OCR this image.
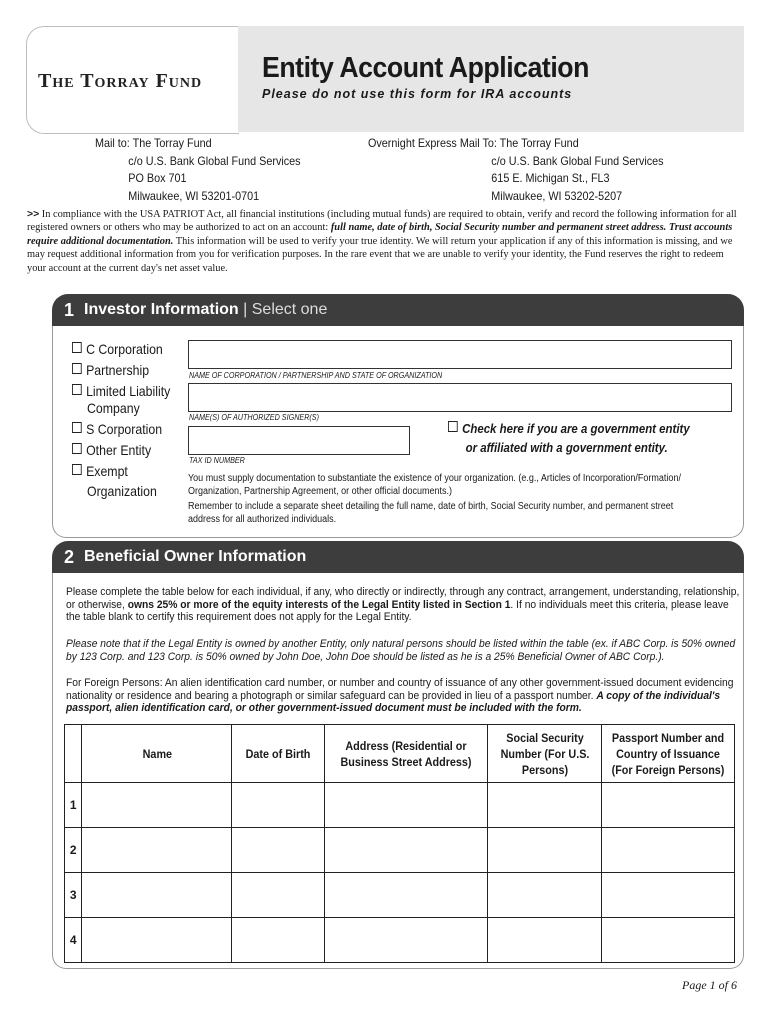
The Torray Fund Entity Account Application
Please do not use this form for IRA accounts
Mail to: The Torray Fund
c/o U.S. Bank Global Fund Services
PO Box 701
Milwaukee, WI 53201-0701
Overnight Express Mail To: The Torray Fund
c/o U.S. Bank Global Fund Services
615 E. Michigan St., FL3
Milwaukee, WI 53202-5207
>> In compliance with the USA PATRIOT Act, all financial institutions (including mutual funds) are required to obtain, verify and record the following information for all registered owners or others who may be authorized to act on an account: full name, date of birth, Social Security number and permanent street address. Trust accounts require additional documentation. This information will be used to verify your true identity. We will return your application if any of this information is missing, and we may request additional information from you for verification purposes. In the rare event that we are unable to verify your identity, the Fund reserves the right to redeem your account at the current day's net asset value.
1 Investor Information | Select one
C Corporation
Partnership
Limited Liability
Company
S Corporation
Other Entity
Exempt
Organization
NAME OF CORPORATION / PARTNERSHIP AND STATE OF ORGANIZATION
NAME(S) OF AUTHORIZED SIGNER(S)
TAX ID NUMBER
Check here if you are a government entity
or affiliated with a government entity.
You must supply documentation to substantiate the existence of your organization. (e.g., Articles of Incorporation/Formation/ Organization, Partnership Agreement, or other official documents.)
Remember to include a separate sheet detailing the full name, date of birth, Social Security number, and permanent street address for all authorized individuals.
2 Beneficial Owner Information
Please complete the table below for each individual, if any, who directly or indirectly, through any contract, arrangement, understanding, relationship, or otherwise, owns 25% or more of the equity interests of the Legal Entity listed in Section 1. If no individuals meet this criteria, please leave the table blank to certify this requirement does not apply for the Legal Entity.
Please note that if the Legal Entity is owned by another Entity, only natural persons should be listed within the table (ex. if ABC Corp. is 50% owned by 123 Corp. and 123 Corp. is 50% owned by John Doe, John Doe should be listed as he is a 25% Beneficial Owner of ABC Corp.).
For Foreign Persons: An alien identification card number, or number and country of issuance of any other government-issued document evidencing nationality or residence and bearing a photograph or similar safeguard can be provided in lieu of a passport number. A copy of the individual's passport, alien identification card, or other government-issued document must be included with the form.
	Name	Date of Birth	Address (Residential or Business Street Address)	Social Security Number (For U.S. Persons)	Passport Number and Country of Issuance (For Foreign Persons)
1					
2					
3					
4					
Page 1 of 6
